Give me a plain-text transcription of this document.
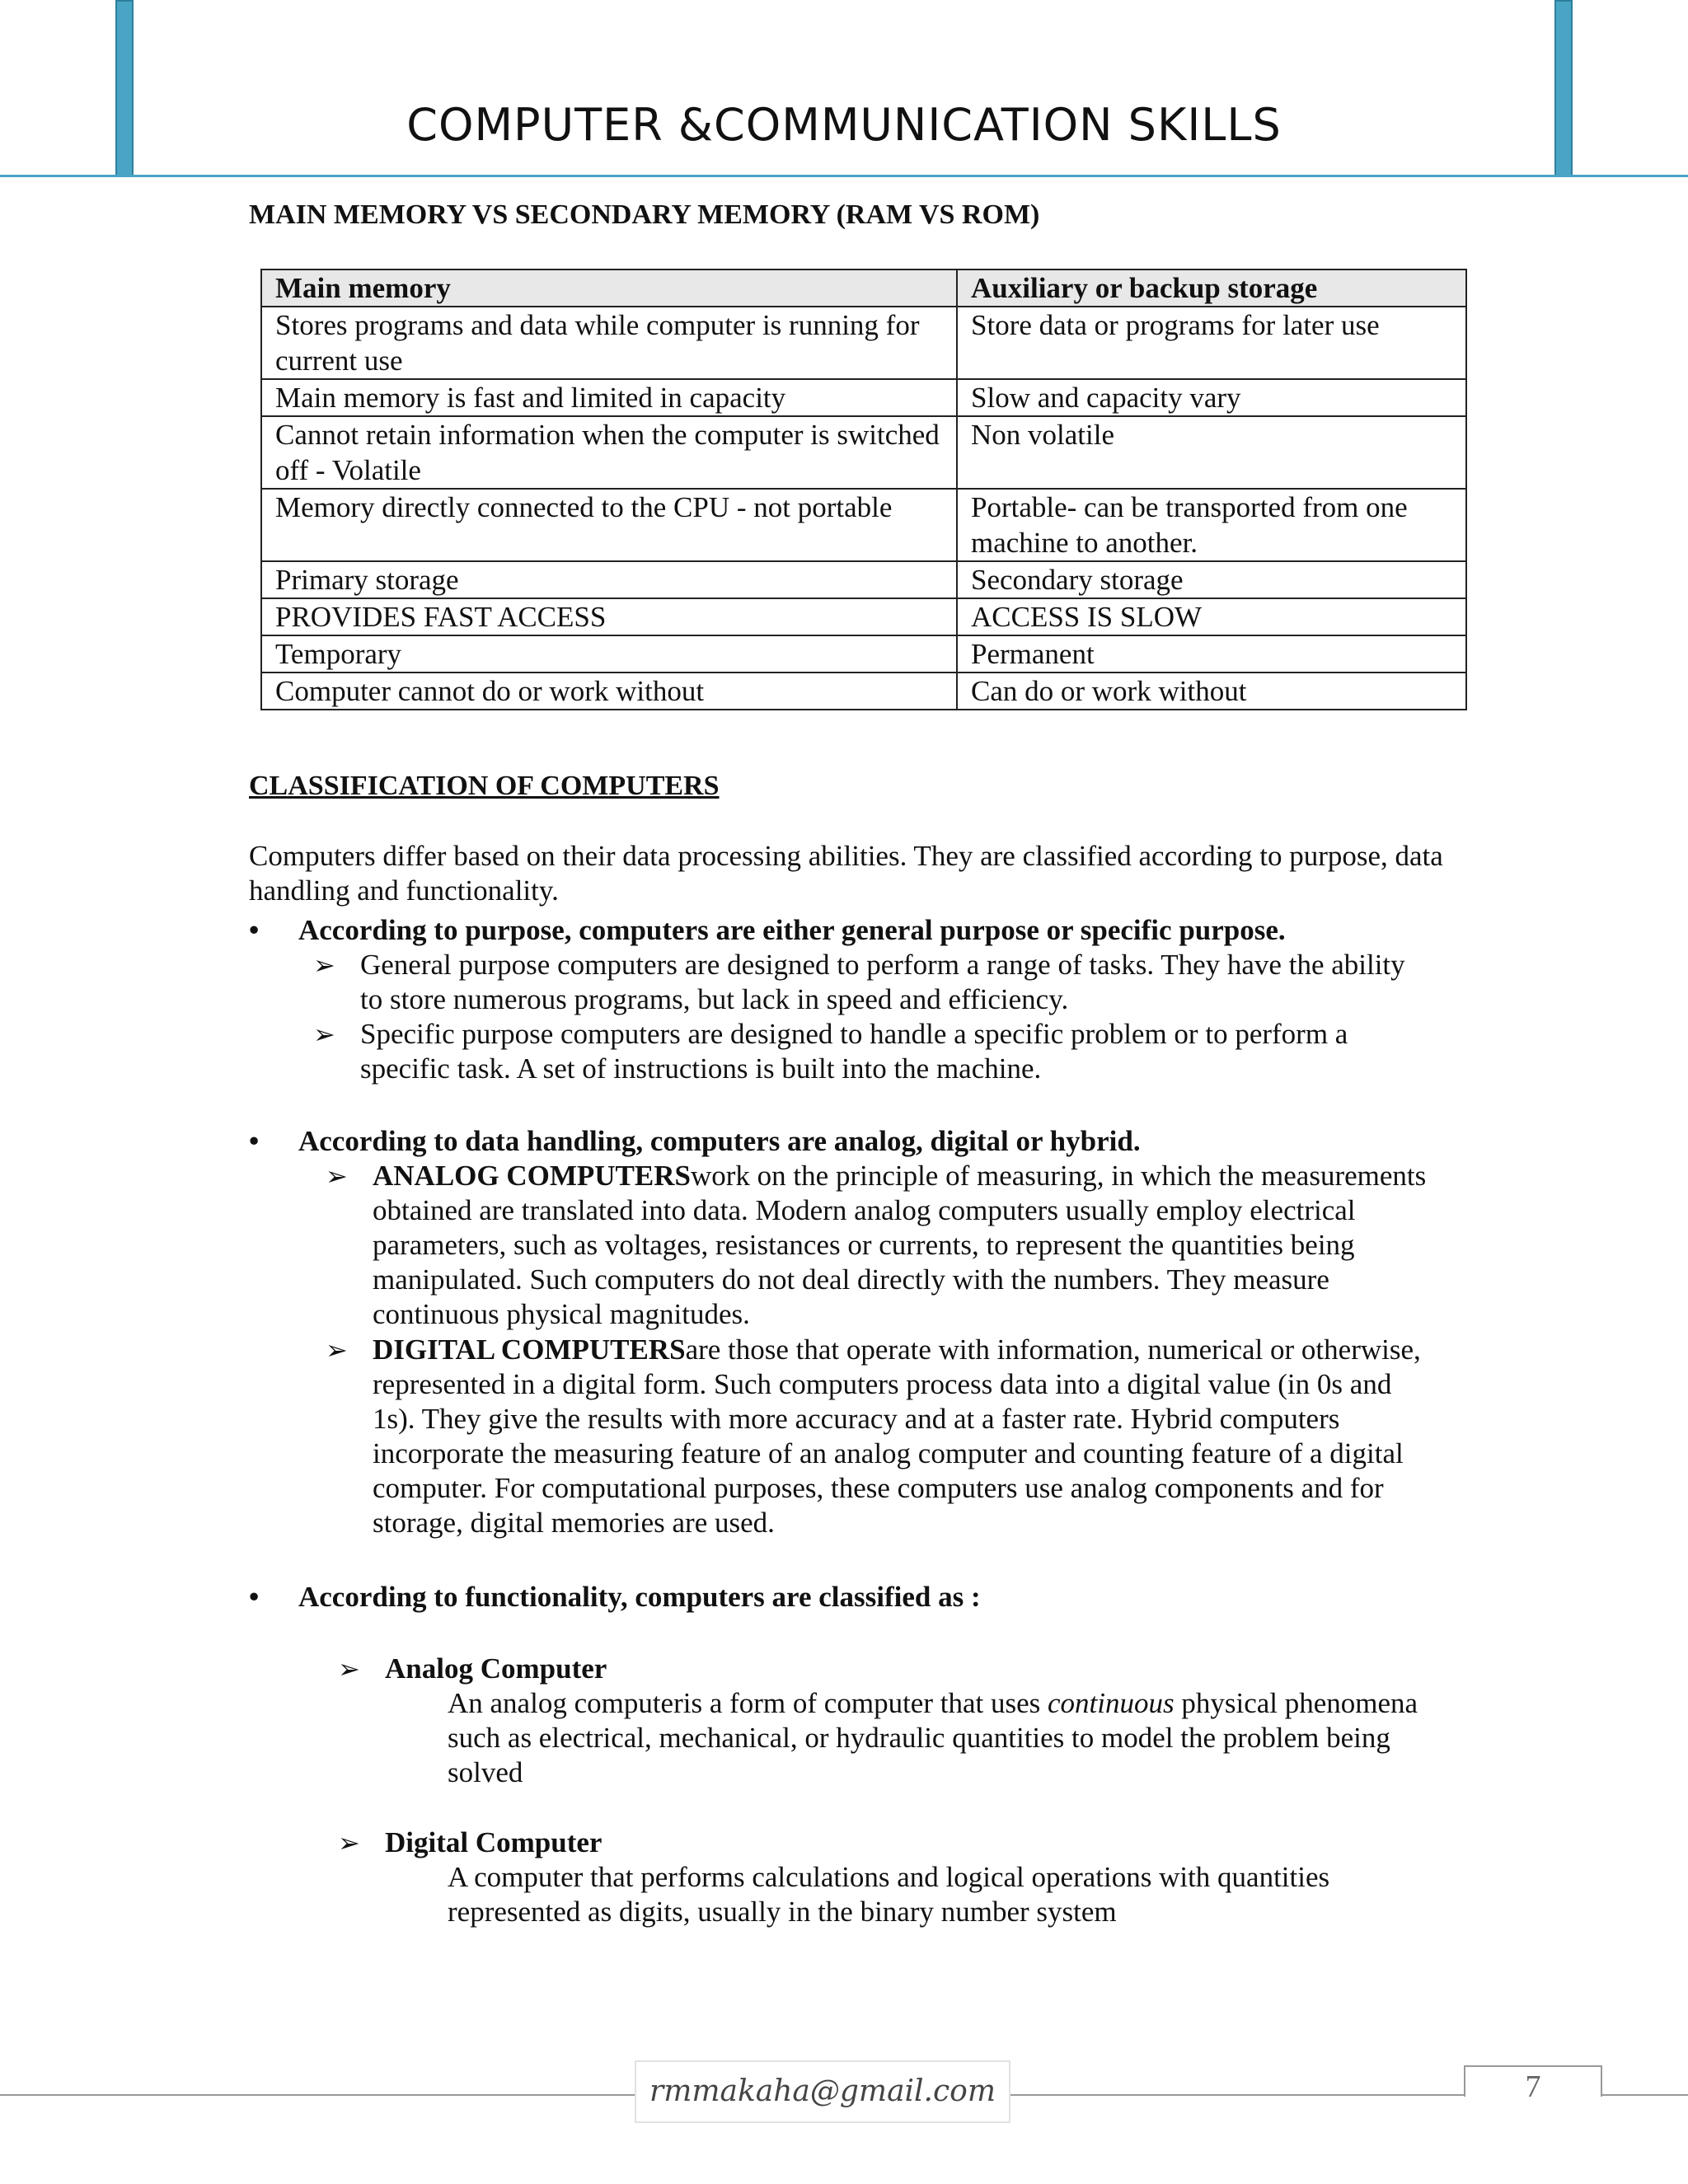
COMPUTER &COMMUNICATION SKILLS
MAIN MEMORY VS SECONDARY MEMORY (RAM VS ROM)
Main memory	Auxiliary or backup storage
Stores programs and data while computer is running for current use	Store data or programs for later use
Main memory is fast and limited in capacity	Slow and capacity vary
Cannot retain information when the computer is switched off - Volatile	Non volatile
Memory directly connected to the CPU - not portable	Portable- can be transported from one machine to another.
Primary storage	Secondary storage
PROVIDES FAST ACCESS	ACCESS IS SLOW
Temporary	Permanent
Computer cannot do or work without	Can do or work without
CLASSIFICATION OF COMPUTERS
Computers differ based on their data processing abilities. They are classified according to purpose, data handling and functionality.
• According to purpose, computers are either general purpose or specific purpose.
➢ General purpose computers are designed to perform a range of tasks. They have the ability to store numerous programs, but lack in speed and efficiency.
➢ Specific purpose computers are designed to handle a specific problem or to perform a specific task. A set of instructions is built into the machine.
• According to data handling, computers are analog, digital or hybrid.
➢ ANALOG COMPUTERSwork on the principle of measuring, in which the measurements obtained are translated into data. Modern analog computers usually employ electrical parameters, such as voltages, resistances or currents, to represent the quantities being manipulated. Such computers do not deal directly with the numbers. They measure continuous physical magnitudes.
➢ DIGITAL COMPUTERSare those that operate with information, numerical or otherwise, represented in a digital form. Such computers process data into a digital value (in 0s and 1s). They give the results with more accuracy and at a faster rate. Hybrid computers incorporate the measuring feature of an analog computer and counting feature of a digital computer. For computational purposes, these computers use analog components and for storage, digital memories are used.
• According to functionality, computers are classified as :
➢ Analog Computer
An analog computeris a form of computer that uses continuous physical phenomena such as electrical, mechanical, or hydraulic quantities to model the problem being solved
➢ Digital Computer
A computer that performs calculations and logical operations with quantities represented as digits, usually in the binary number system
rmmakaha@gmail.com	7
